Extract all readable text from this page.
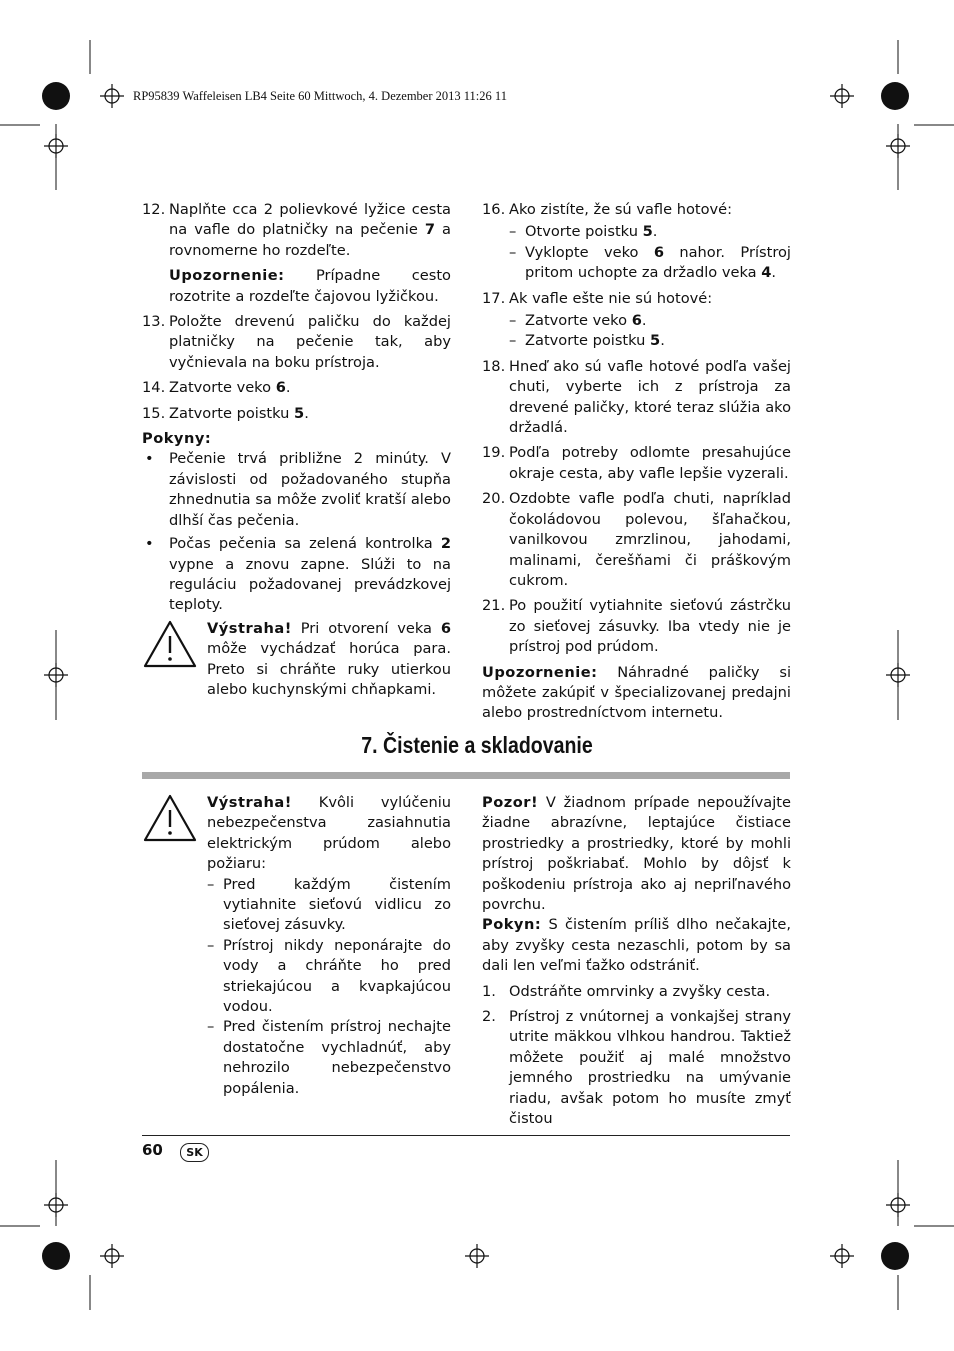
RP95839 Waffeleisen LB4 Seite 60 Mittwoch, 4. Dezember 2013 11:26 11
12. Naplňte cca 2 polievkové lyžice cesta na vafle do platničky na pečenie 7 a rovnomerne ho rozdeľte.
Upozornenie: Prípadne cesto rozotrite a rozdeľte čajovou lyžičkou.
13. Položte drevenú paličku do každej platničky na pečenie tak, aby vyčnievala na boku prístroja.
14. Zatvorte veko 6.
15. Zatvorte poistku 5.

Pokyny:

• Pečenie trvá približne 2 minúty. V závislosti od požadovaného stupňa zhnednutia sa môže zvoliť kratší alebo dlhší čas pečenia.
• Počas pečenia sa zelená kontrolka 2 vypne a znovu zapne. Slúži to na reguláciu požadovanej prevádzkovej teploty.
Výstraha! Pri otvorení veka 6 môže vychádzať horúca para. Preto si chráňte ruky utierkou alebo kuchynskými chňapkami.
16. Ako zistíte, že sú vafle hotové:

– Otvorte poistku 5.

– Vyklopte veko 6 nahor. Prístroj pritom uchopte za držadlo veka 4.

17. Ak vafle ešte nie sú hotové:

– Zatvorte veko 6.

– Zatvorte poistku 5.

18. Hneď ako sú vafle hotové podľa vašej chuti, vyberte ich z prístroja za drevené paličky, ktoré teraz slúžia ako držadlá.
19. Podľa potreby odlomte presahujúce okraje cesta, aby vafle lepšie vyzerali.
20. Ozdobte vafle podľa chuti, napríklad čokoládovou polevou, šľahačkou, vanilkovou zmrzlinou, jahodami, malinami, čerešňami či práškovým cukrom.
21. Po použití vytiahnite sieťovú zástrčku zo sieťovej zásuvky. Iba vtedy nie je prístroj pod prúdom.

Upozornenie: Náhradné paličky si môžete zakúpiť v špecializovanej predajni alebo prostredníctvom internetu.

7. Čistenie a skladovanie

Výstraha! Kvôli vylúčeniu nebezpečenstva zasiahnutia elektrickým prúdom alebo požiaru:

– Pred každým čistením vytiahnite sieťovú vidlicu zo sieťovej zásuvky.

– Prístroj nikdy neponárajte do vody a chráňte ho pred striekajúcou a kvapkajúcou vodou.

– Pred čistením prístroj nechajte dostatočne vychladnúť, aby nehrozilo nebezpečenstvo popálenia.

Pozor! V žiadnom prípade nepoužívajte žiadne abrazívne, leptajúce čistiace prostriedky a prostriedky, ktoré by mohli prístroj poškriabať. Mohlo by dôjsť k poškodeniu prístroja ako aj nepriľnavého povrchu.

Pokyn: S čistením príliš dlho nečakajte, aby zvyšky cesta nezaschli, potom by sa dali len veľmi ťažko odstrániť.

1. Odstráňte omrvinky a zvyšky cesta.
2. Prístroj z vnútornej a vonkajšej strany utrite mäkkou vlhkou handrou. Taktiež môžete použiť aj malé množstvo jemného prostriedku na umývanie riadu, avšak potom ho musíte zmyť čistou
60	SK
